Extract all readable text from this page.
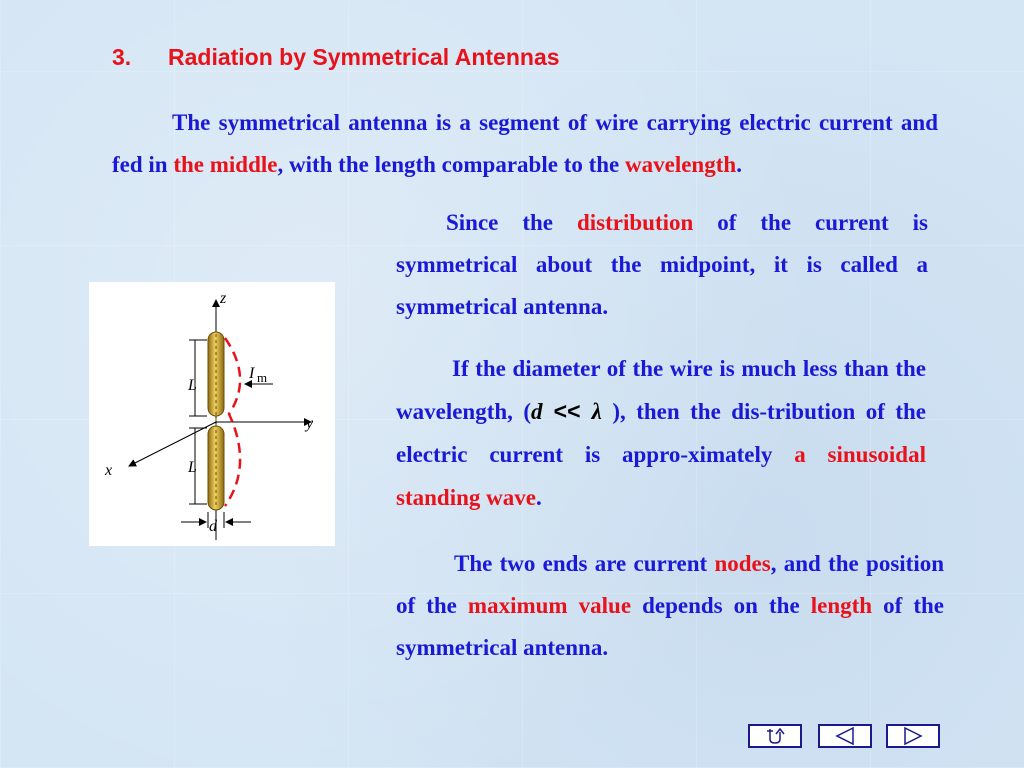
3. Radiation by Symmetrical Antennas
The symmetrical antenna is a segment of wire carrying electric current and fed in the middle, with the length comparable to the wavelength.
Since the distribution of the current is symmetrical about the midpoint, it is called a symmetrical antenna.
If the diameter of the wire is much less than the wavelength, (d << λ ), then the dis-tribution of the electric current is appro-ximately a sinusoidal standing wave.
The two ends are current nodes, and the position of the maximum value depends on the length of the symmetrical antenna.
z
y
x
L
L
d
I m
